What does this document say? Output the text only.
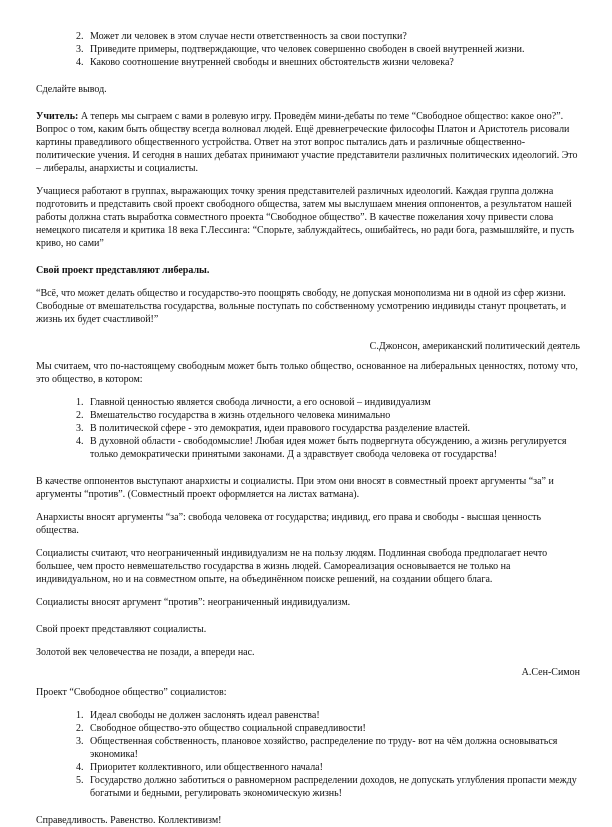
2. Может ли человек в этом случае нести ответственность за свои поступки?
3. Приведите примеры, подтверждающие, что человек совершенно свободен в своей внутренней жизни.
4. Каково соотношение внутренней свободы и внешних обстоятельств жизни человека?

Сделайте вывод.

Учитель: А теперь мы сыграем с вами в ролевую игру. Проведём мини-дебаты по теме “Свободное общество: какое оно?”. Вопрос о том, каким быть обществу всегда волновал людей. Ещё древнегреческие философы Платон и Аристотель рисовали картины праведливого общественного устройства. Ответ на этот вопрос пытались дать и различные общественно-политические учения. И сегодня в наших дебатах принимают участие представители различных политических идеологий. Это – либералы, анархисты и социалисты.

Учащиеся работают в группах, выражающих точку зрения представителей различных идеологий. Каждая группа должна подготовить и представить свой проект свободного общества, затем мы выслушаем мнения оппонентов, а результатом нашей работы должна стать выработка совместного проекта “Свободное общество”. В качестве пожелания хочу привести слова немецкого писателя и критика 18 века Г.Лессинга: “Спорьте, заблуждайтесь, ошибайтесь, но ради бога, размышляйте, и пусть криво, но сами”

Свой проект представляют либералы.

“Всё, что может делать общество и государство-это поощрять свободу, не допуская монополизма ни в одной из сфер жизни. Свободные от вмешательства государства, вольные поступать по собственному усмотрению индивиды станут процветать, и жизнь их будет счастливой!”

С.Джонсон, американский политический деятель

Мы считаем, что по-настоящему свободным может быть только общество, основанное на либеральных ценностях, потому что, это общество, в котором:

1. Главной ценностью является свобода личности, а его основой – индивидуализм
2. Вмешательство государства в жизнь отдельного человека минимально
3. В политической сфере - это демократия, идеи правового государства разделение властей.
4. В духовной области - свободомыслие! Любая идея может быть подвергнута обсуждению, а жизнь регулируется только демократически принятыми законами. Д а здравствует свобода человека от государства!

В качестве оппонентов выступают анархисты и социалисты. При этом они вносят в совместный проект аргументы “за” и аргументы “против”. (Совместный проект оформляется на листах ватмана).

Анархисты вносят аргументы “за”: свобода человека от государства; индивид, его права и свободы - высшая ценность общества.

Социалисты считают, что неограниченный индивидуализм не на пользу людям. Подлинная свобода предполагает нечто большее, чем просто невмешательство государства в жизнь людей. Самореализация основывается не только на индивидуальном, но и на совместном опыте, на объединённом поиске решений, на создании общего блага.

Социалисты вносят аргумент “против”: неограниченный индивидуализм.

Свой проект представляют социалисты.

Золотой век человечества не позади, а впереди нас.

А.Сен-Симон

Проект “Свободное общество” социалистов:

1. Идеал свободы не должен заслонять идеал равенства!
2. Свободное общество-это общество социальной справедливости!
3. Общественная собственность, плановое хозяйство, распределение по труду- вот на чём должна основываться экономика!
4. Приоритет коллективного, или общественного начала!
5. Государство должно заботиться о равномерном распределении доходов, не допускать углубления пропасти между богатыми и бедными, регулировать экономическую жизнь!

Справедливость. Равенство. Коллективизм!
